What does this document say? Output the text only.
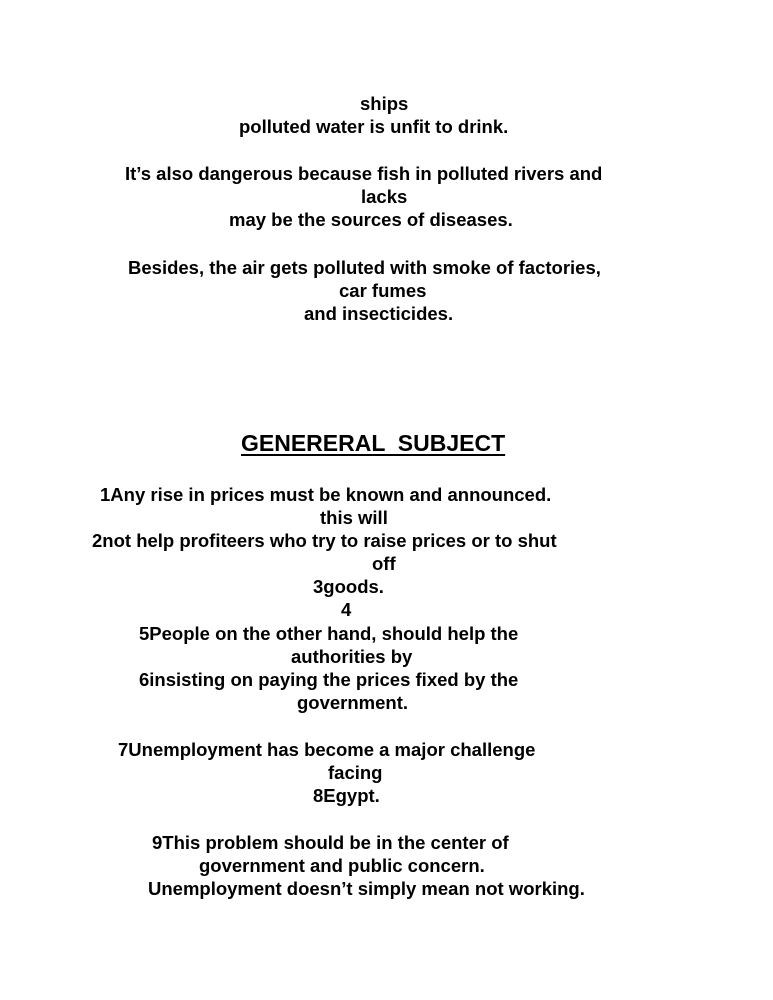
ships
polluted water is unfit to drink.
It’s also dangerous because fish in polluted rivers and
lacks
may be the sources of diseases.
Besides, the air gets polluted with smoke of factories,
car fumes
and insecticides.
GENERERAL  SUBJECT
1Any rise in prices must be known and announced.
this will
2not help profiteers who try to raise prices or to shut
off
3goods.
4
5People on the other hand, should help the
authorities by
6insisting on paying the prices fixed by the
government.
7Unemployment has become a major challenge
facing
8Egypt.
9This problem should be in the center of
government and public concern.
Unemployment doesn’t simply mean not working.
